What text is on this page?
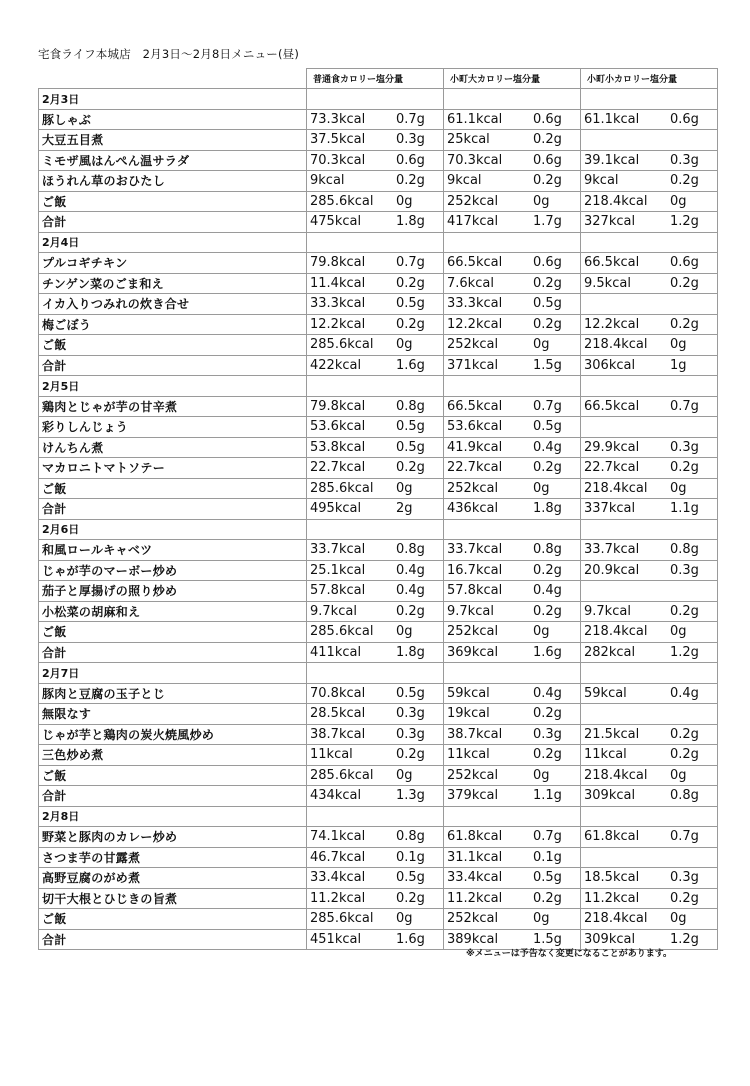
宅食ライフ本城店　2月3日〜2月8日メニュー(昼)
	普通食カロリー塩分量	小町大カロリー塩分量	小町小カロリー塩分量
2月3日			
豚しゃぶ	73.3kcal 0.7g	61.1kcal 0.6g	61.1kcal 0.6g
大豆五目煮	37.5kcal 0.3g	25kcal 0.2g	
ミモザ風はんぺん温サラダ	70.3kcal 0.6g	70.3kcal 0.6g	39.1kcal 0.3g
ほうれん草のおひたし	9kcal 0.2g	9kcal 0.2g	9kcal 0.2g
ご飯	285.6kcal 0g	252kcal 0g	218.4kcal 0g
合計	475kcal 1.8g	417kcal 1.7g	327kcal 1.2g
2月4日			
プルコギチキン	79.8kcal 0.7g	66.5kcal 0.6g	66.5kcal 0.6g
チンゲン菜のごま和え	11.4kcal 0.2g	7.6kcal 0.2g	9.5kcal 0.2g
イカ入りつみれの炊き合せ	33.3kcal 0.5g	33.3kcal 0.5g	
梅ごぼう	12.2kcal 0.2g	12.2kcal 0.2g	12.2kcal 0.2g
ご飯	285.6kcal 0g	252kcal 0g	218.4kcal 0g
合計	422kcal 1.6g	371kcal 1.5g	306kcal 1g
2月5日			
鶏肉とじゃが芋の甘辛煮	79.8kcal 0.8g	66.5kcal 0.7g	66.5kcal 0.7g
彩りしんじょう	53.6kcal 0.5g	53.6kcal 0.5g	
けんちん煮	53.8kcal 0.5g	41.9kcal 0.4g	29.9kcal 0.3g
マカロニトマトソテー	22.7kcal 0.2g	22.7kcal 0.2g	22.7kcal 0.2g
ご飯	285.6kcal 0g	252kcal 0g	218.4kcal 0g
合計	495kcal 2g	436kcal 1.8g	337kcal 1.1g
2月6日			
和風ロールキャベツ	33.7kcal 0.8g	33.7kcal 0.8g	33.7kcal 0.8g
じゃが芋のマーボー炒め	25.1kcal 0.4g	16.7kcal 0.2g	20.9kcal 0.3g
茄子と厚揚げの照り炒め	57.8kcal 0.4g	57.8kcal 0.4g	
小松菜の胡麻和え	9.7kcal 0.2g	9.7kcal 0.2g	9.7kcal 0.2g
ご飯	285.6kcal 0g	252kcal 0g	218.4kcal 0g
合計	411kcal 1.8g	369kcal 1.6g	282kcal 1.2g
2月7日			
豚肉と豆腐の玉子とじ	70.8kcal 0.5g	59kcal 0.4g	59kcal 0.4g
無限なす	28.5kcal 0.3g	19kcal 0.2g	
じゃが芋と鶏肉の炭火焼風炒め	38.7kcal 0.3g	38.7kcal 0.3g	21.5kcal 0.2g
三色炒め煮	11kcal 0.2g	11kcal 0.2g	11kcal 0.2g
ご飯	285.6kcal 0g	252kcal 0g	218.4kcal 0g
合計	434kcal 1.3g	379kcal 1.1g	309kcal 0.8g
2月8日			
野菜と豚肉のカレー炒め	74.1kcal 0.8g	61.8kcal 0.7g	61.8kcal 0.7g
さつま芋の甘露煮	46.7kcal 0.1g	31.1kcal 0.1g	
高野豆腐のがめ煮	33.4kcal 0.5g	33.4kcal 0.5g	18.5kcal 0.3g
切干大根とひじきの旨煮	11.2kcal 0.2g	11.2kcal 0.2g	11.2kcal 0.2g
ご飯	285.6kcal 0g	252kcal 0g	218.4kcal 0g
合計	451kcal 1.6g	389kcal 1.5g	309kcal 1.2g
※メニューは予告なく変更になることがあります。
